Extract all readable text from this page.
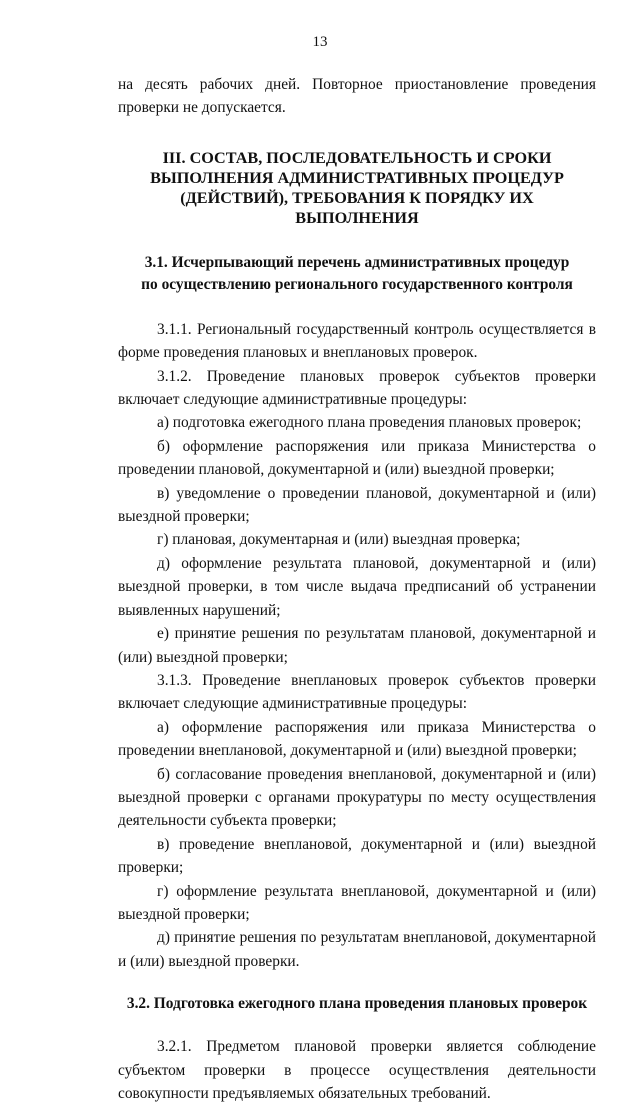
13

на десять рабочих дней. Повторное приостановление проведения проверки не допускается.

III. СОСТАВ, ПОСЛЕДОВАТЕЛЬНОСТЬ И СРОКИ
ВЫПОЛНЕНИЯ АДМИНИСТРАТИВНЫХ ПРОЦЕДУР
(ДЕЙСТВИЙ), ТРЕБОВАНИЯ К ПОРЯДКУ ИХ ВЫПОЛНЕНИЯ
3.1. Исчерпывающий перечень административных процедур
по осуществлению регионального государственного контроля

3.1.1. Региональный государственный контроль осуществляется в форме проведения плановых и внеплановых проверок.

3.1.2. Проведение плановых проверок субъектов проверки включает следующие административные процедуры:

а) подготовка ежегодного плана проведения плановых проверок;

б) оформление распоряжения или приказа Министерства о проведении плановой, документарной и (или) выездной проверки;

в) уведомление о проведении плановой, документарной и (или) выездной проверки;

г) плановая, документарная и (или) выездная проверка;

д) оформление результата плановой, документарной и (или) выездной проверки, в том числе выдача предписаний об устранении выявленных нарушений;

е) принятие решения по результатам плановой, документарной и (или) выездной проверки;

3.1.3. Проведение внеплановых проверок субъектов проверки включает следующие административные процедуры:

а) оформление распоряжения или приказа Министерства о проведении внеплановой, документарной и (или) выездной проверки;

б) согласование проведения внеплановой, документарной и (или) выездной проверки с органами прокуратуры по месту осуществления деятельности субъекта проверки;

в) проведение внеплановой, документарной и (или) выездной проверки;

г) оформление результата внеплановой, документарной и (или) выездной проверки;

д) принятие решения по результатам внеплановой, документарной и (или) выездной проверки.

3.2. Подготовка ежегодного плана проведения плановых проверок

3.2.1. Предметом плановой проверки является соблюдение субъектом проверки в процессе осуществления деятельности совокупности предъявляемых обязательных требований.
